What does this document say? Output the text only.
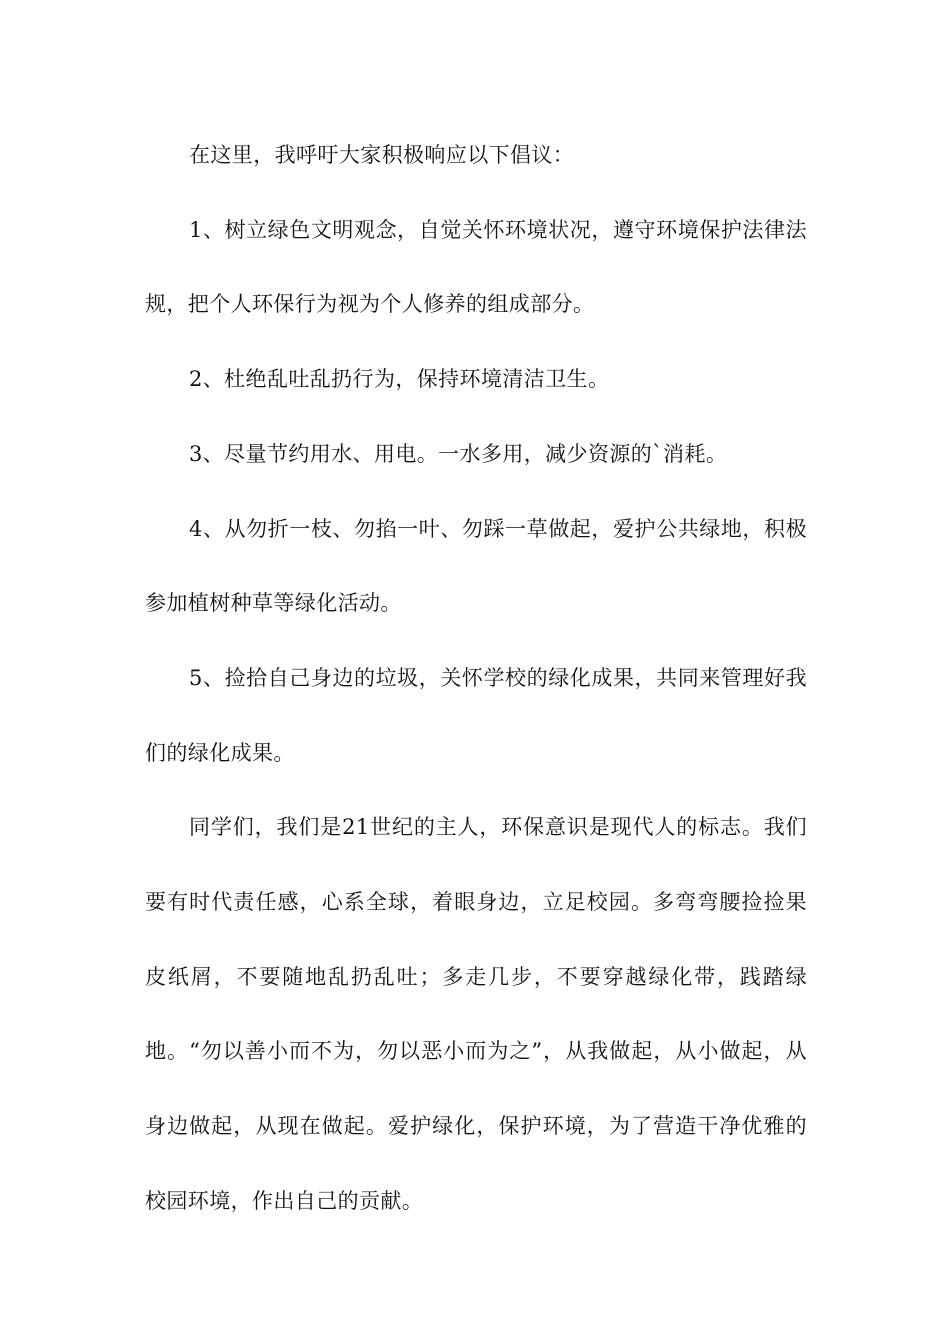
在这里，我呼吁大家积极响应以下倡议：

1、树立绿色文明观念，自觉关怀环境状况，遵守环境保护法律法规，把个人环保行为视为个人修养的组成部分。

2、杜绝乱吐乱扔行为，保持环境清洁卫生。

3、尽量节约用水、用电。一水多用，减少资源的`消耗。

4、从勿折一枝、勿掐一叶、勿踩一草做起，爱护公共绿地，积极参加植树种草等绿化活动。

5、捡拾自己身边的垃圾，关怀学校的绿化成果，共同来管理好我们的绿化成果。

同学们，我们是21世纪的主人，环保意识是现代人的标志。我们要有时代责任感，心系全球，着眼身边，立足校园。多弯弯腰捡捡果皮纸屑，不要随地乱扔乱吐；多走几步，不要穿越绿化带，践踏绿地。“勿以善小而不为，勿以恶小而为之”，从我做起，从小做起，从身边做起，从现在做起。爱护绿化，保护环境，为了营造干净优雅的校园环境，作出自己的贡献。
